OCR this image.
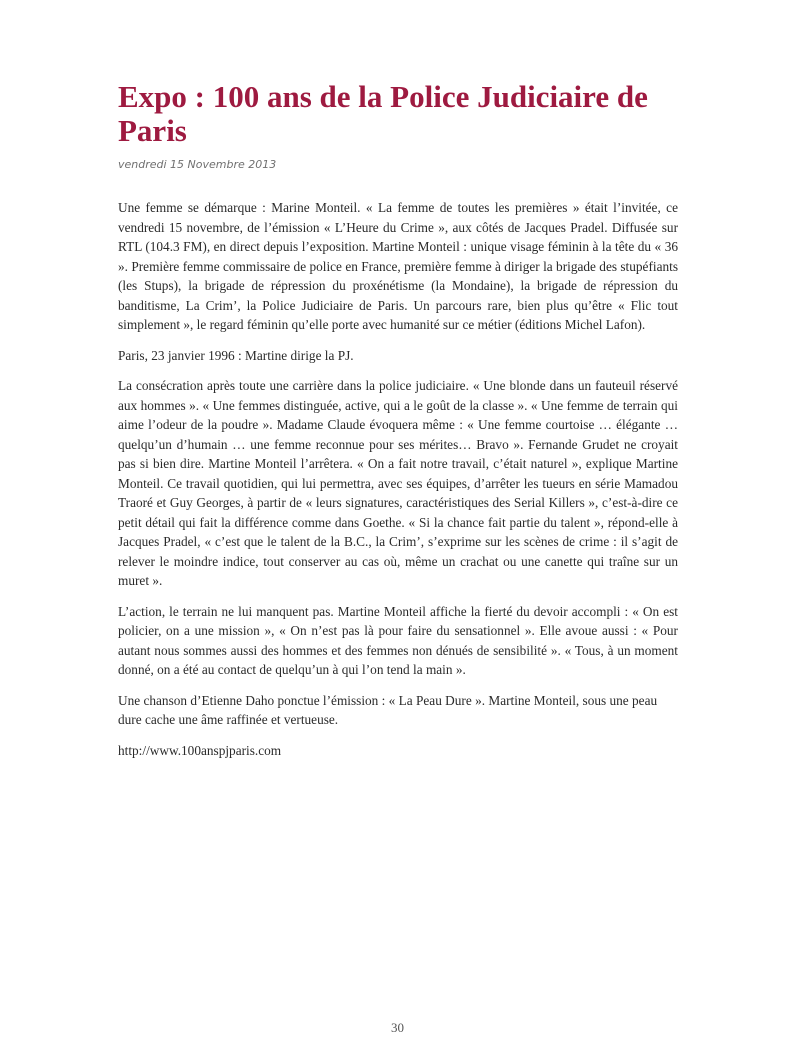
Expo : 100 ans de la Police Judiciaire de Paris

vendredi 15 Novembre 2013

Une femme se démarque : Marine Monteil. « La femme de toutes les premières » était l’invitée, ce vendredi 15 novembre, de l’émission « L’Heure du Crime », aux côtés de Jacques Pradel. Diffusée sur RTL (104.3 FM), en direct depuis l’exposition. Martine Monteil : unique visage féminin à la tête du « 36 ». Première femme commissaire de police en France, première femme à diriger la brigade des stupéfiants (les Stups), la brigade de répression du proxénétisme (la Mondaine), la brigade de répression du banditisme, La Crim’, la Police Judiciaire de Paris. Un parcours rare, bien plus qu’être « Flic tout simplement », le regard féminin qu’elle porte avec humanité sur ce métier (éditions Michel Lafon).

Paris, 23 janvier 1996 : Martine dirige la PJ.

La consécration après toute une carrière dans la police judiciaire. « Une blonde dans un fauteuil réservé aux hommes ». « Une femmes distinguée, active, qui a le goût de la classe ». « Une femme de terrain qui aime l’odeur de la poudre ». Madame Claude évoquera même : « Une femme courtoise … élégante … quelqu’un d’humain … une femme reconnue pour ses mérites… Bravo ». Fernande Grudet ne croyait pas si bien dire. Martine Monteil l’arrêtera. « On a fait notre travail, c’était naturel », explique Martine Monteil. Ce travail quotidien, qui lui permettra, avec ses équipes, d’arrêter les tueurs en série Mamadou Traoré et Guy Georges, à partir de « leurs signatures, caractéristiques des Serial Killers », c’est-à-dire ce petit détail qui fait la différence comme dans Goethe. « Si la chance fait partie du talent », répond-elle à Jacques Pradel, « c’est que le talent de la B.C., la Crim’, s’exprime sur les scènes de crime : il s’agit de relever le moindre indice, tout conserver au cas où, même un crachat ou une canette qui traîne sur un muret ».

L’action, le terrain ne lui manquent pas. Martine Monteil affiche la fierté du devoir accompli : « On est policier, on a une mission », « On n’est pas là pour faire du sensationnel ». Elle avoue aussi : « Pour autant nous sommes aussi des hommes et des femmes non dénués de sensibilité ». « Tous, à un moment donné, on a été au contact de quelqu’un à qui l’on tend la main ».

Une chanson d’Etienne Daho ponctue l’émission : « La Peau Dure ». Martine Monteil, sous une peau dure cache une âme raffinée et vertueuse.

http://www.100anspjparis.com

30
